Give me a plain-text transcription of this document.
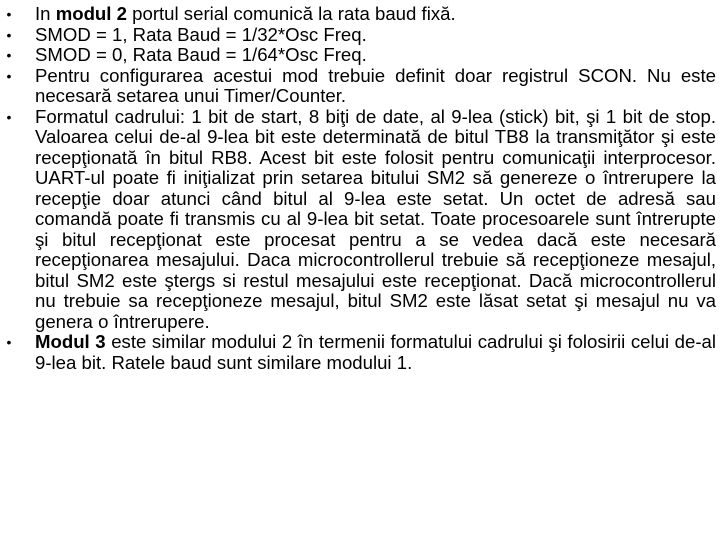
• In modul 2 portul serial comunică la rata baud fixă.
• SMOD = 1, Rata Baud = 1/32*Osc Freq.
• SMOD = 0, Rata Baud = 1/64*Osc Freq.
• Pentru configurarea acestui mod trebuie definit doar registrul SCON. Nu este necesară setarea unui Timer/Counter.
• Formatul cadrului: 1 bit de start, 8 biţi de date, al 9-lea (stick) bit, şi 1 bit de stop. Valoarea celui de-al 9-lea bit este determinată de bitul TB8 la transmiţător şi este recepţionată în bitul RB8. Acest bit este folosit pentru comunicaţii interprocesor. UART-ul poate fi iniţializat prin setarea bitului SM2 să genereze o întrerupere la recepţie doar atunci când bitul al 9-lea este setat. Un octet de adresă sau comandă poate fi transmis cu al 9-lea bit setat. Toate procesoarele sunt întrerupte şi bitul recepţionat este procesat pentru a se vedea dacă este necesară recepţionarea mesajului. Daca microcontrollerul trebuie să recepţioneze mesajul, bitul SM2 este ştergs si restul mesajului este recepţionat. Dacă microcontrollerul nu trebuie sa recepţioneze mesajul, bitul SM2 este lăsat setat şi mesajul nu va genera o întrerupere.
• Modul 3 este similar modului 2 în termenii formatului cadrului şi folosirii celui de-al 9-lea bit. Ratele baud sunt similare modului 1.
